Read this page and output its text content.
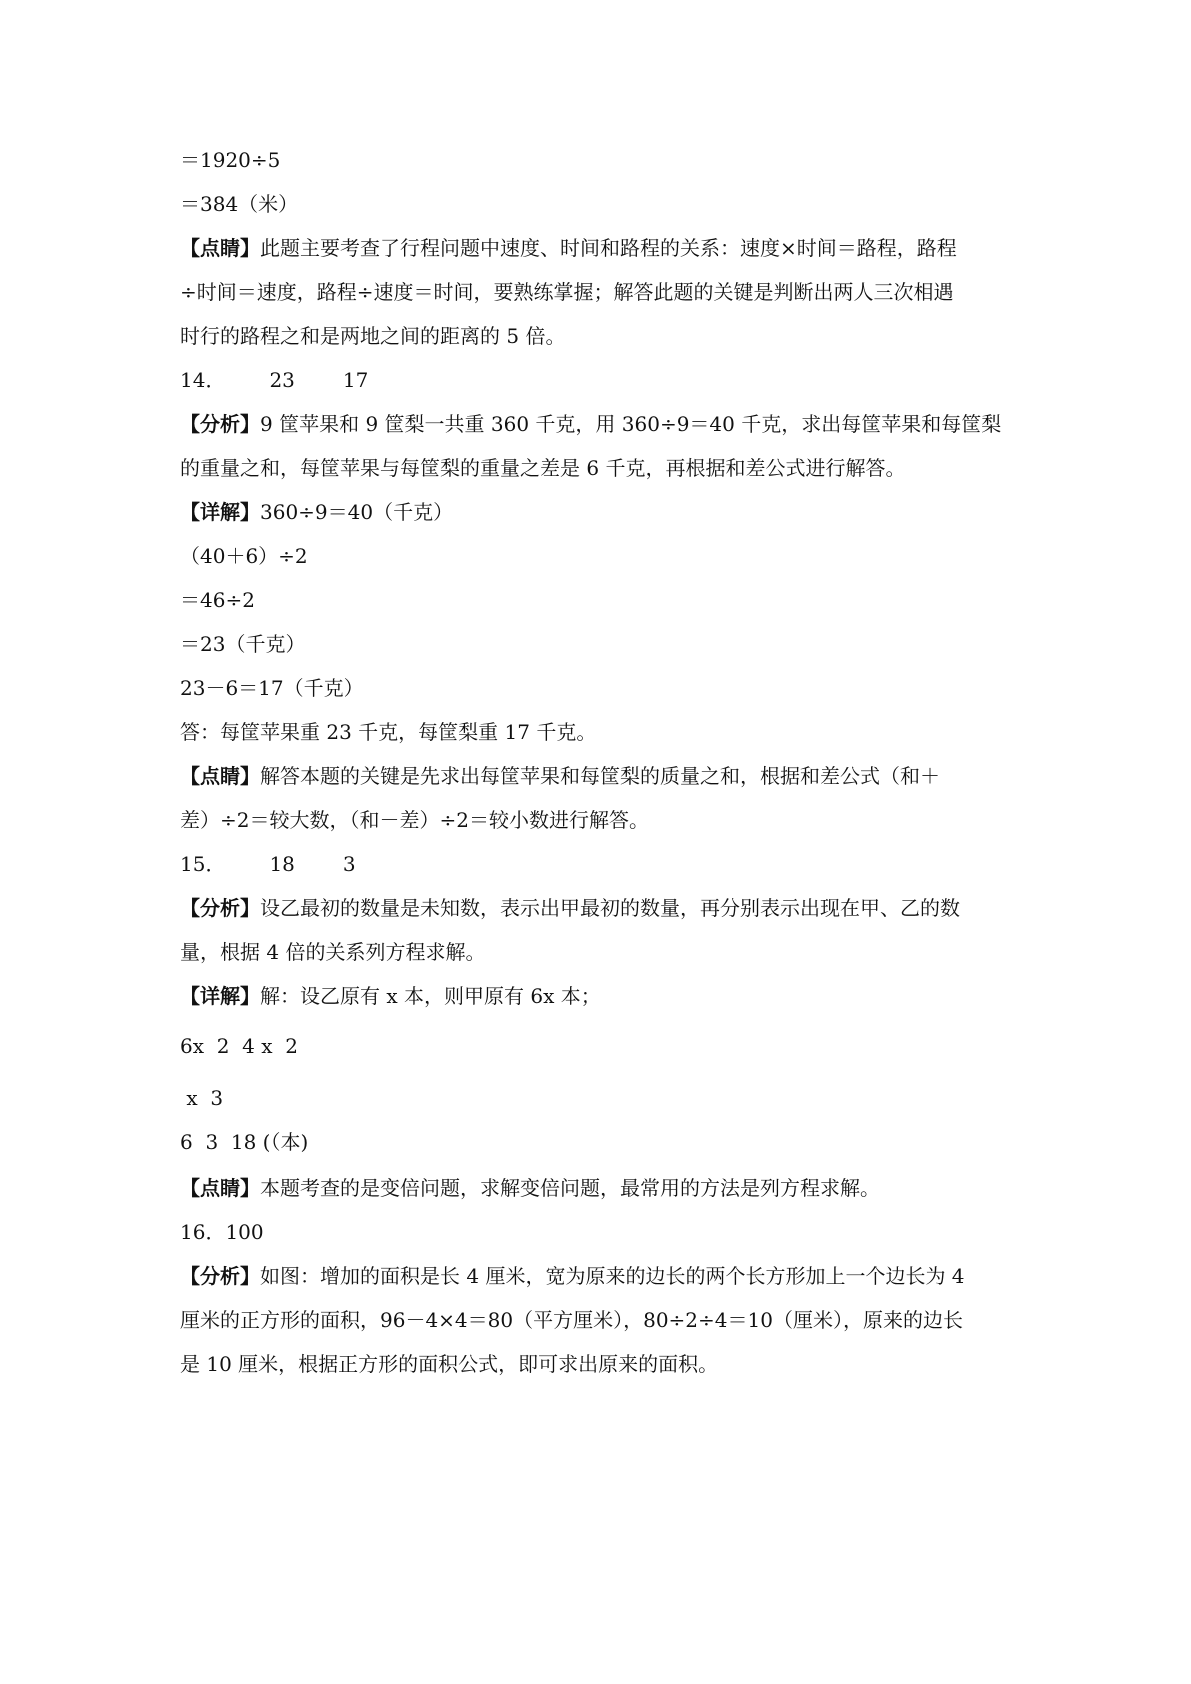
＝1920÷5
＝384（米）
【点睛】此题主要考查了行程问题中速度、时间和路程的关系：速度×时间＝路程，路程
÷时间＝速度，路程÷速度＝时间，要熟练掌握；解答此题的关键是判断出两人三次相遇
时行的路程之和是两地之间的距离的 5 倍。
14． 23 17
【分析】9 筐苹果和 9 筐梨一共重 360 千克，用 360÷9＝40 千克，求出每筐苹果和每筐梨
的重量之和，每筐苹果与每筐梨的重量之差是 6 千克，再根据和差公式进行解答。
【详解】360÷9＝40（千克）
（40＋6）÷2
＝46÷2
＝23（千克）
23－6＝17（千克）
答：每筐苹果重 23 千克，每筐梨重 17 千克。
【点睛】解答本题的关键是先求出每筐苹果和每筐梨的质量之和，根据和差公式（和＋
差）÷2＝较大数，（和－差）÷2＝较小数进行解答。
15． 18 3
【分析】设乙最初的数量是未知数，表示出甲最初的数量，再分别表示出现在甲、乙的数
量，根据 4 倍的关系列方程求解。
【详解】解：设乙原有 x 本，则甲原有 6x 本；
6x  2  4 x  2
x  3
6  3  18 (（本)
【点睛】本题考查的是变倍问题，求解变倍问题，最常用的方法是列方程求解。
16．100
【分析】如图：增加的面积是长 4 厘米，宽为原来的边长的两个长方形加上一个边长为 4
厘米的正方形的面积，96－4×4＝80（平方厘米），80÷2÷4＝10（厘米），原来的边长
是 10 厘米，根据正方形的面积公式，即可求出原来的面积。
